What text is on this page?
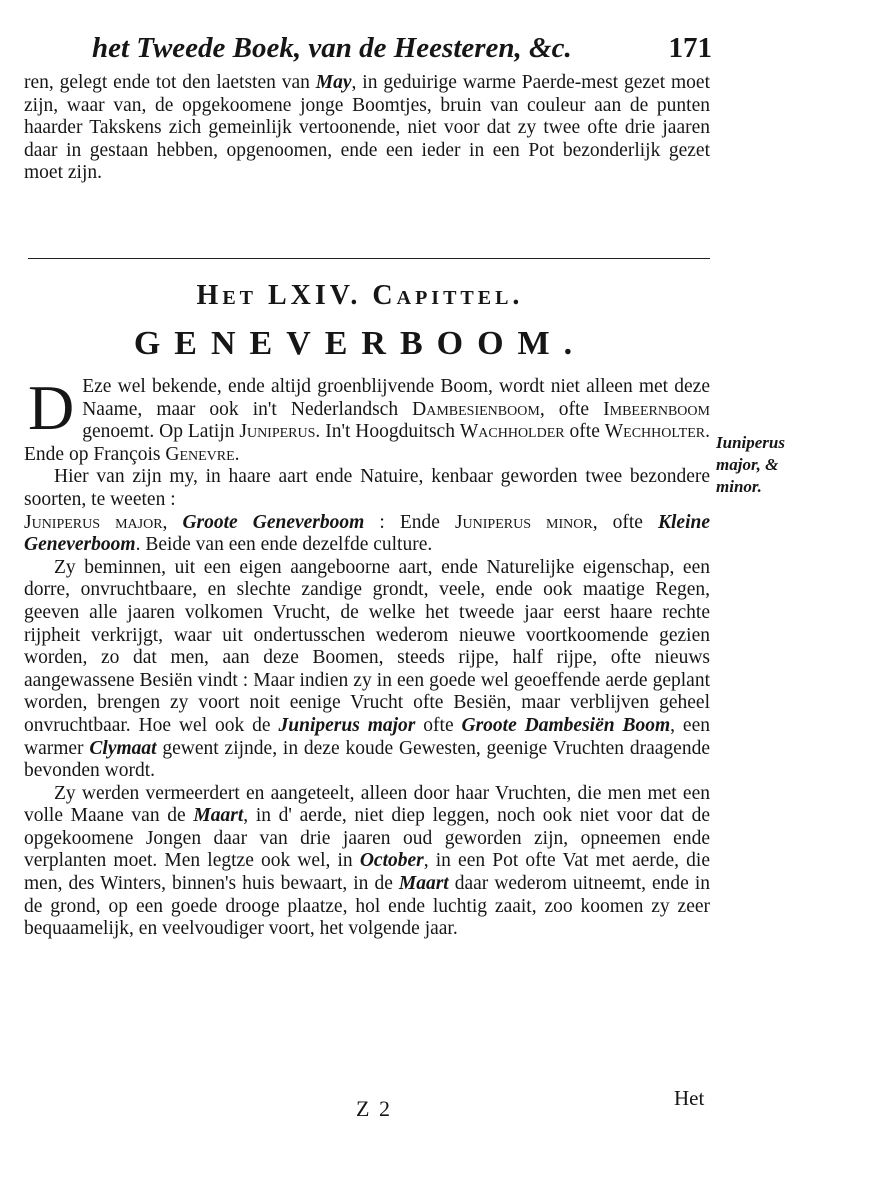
het Tweede Boek, van de Heesteren, &c.	171
ren, gelegt ende tot den laetsten van May, in geduirige warme Paerde-mest gezet moet zijn, waar van, de opgekoomene jonge Boomtjes, bruin van couleur aan de punten haarder Takskens zich gemeinlijk vertoonende, niet voor dat zy twee ofte drie jaaren daar in gestaan hebben, opgenoomen, ende een ieder in een Pot bezonderlijk gezet moet zijn.
Het LXIV. Capittel.
GENEVERBOOM.

D Eze wel bekende, ende altijd groenblijvende Boom, wordt niet alleen met deze Naame, maar ook in't Nederlandsch Dambesienboom, ofte Imbeernboom genoemt. Op Latijn Juniperus. In't Hoogduitsch Wachholder ofte Wechholter. Ende op François Genevre.

Hier van zijn my, in haare aart ende Natuire, kenbaar geworden twee bezondere soorten, te weeten :

Juniperus major, Groote Geneverboom : Ende Juniperus minor, ofte Kleine Geneverboom. Beide van een ende dezelfde culture.

Zy beminnen, uit een eigen aangeboorne aart, ende Naturelijke eigenschap, een dorre, onvruchtbaare, en slechte zandige grondt, veele, ende ook maatige Regen, geeven alle jaaren volkomen Vrucht, de welke het tweede jaar eerst haare rechte rijpheit verkrijgt, waar uit ondertusschen wederom nieuwe voortkoomende gezien worden, zo dat men, aan deze Boomen, steeds rijpe, half rijpe, ofte nieuws aangewassene Besiën vindt : Maar indien zy in een goede wel geoeffende aerde geplant worden, brengen zy voort noit eenige Vrucht ofte Besiën, maar verblijven geheel onvruchtbaar. Hoe wel ook de Juniperus major ofte Groote Dambesiën Boom, een warmer Clymaat gewent zijnde, in deze koude Gewesten, geenige Vruchten draagende bevonden wordt.

Zy werden vermeerdert en aangeteelt, alleen door haar Vruchten, die men met een volle Maane van de Maart, in d' aerde, niet diep leggen, noch ook niet voor dat de opgekoomene Jongen daar van drie jaaren oud geworden zijn, opneemen ende verplanten moet. Men legtze ook wel, in October, in een Pot ofte Vat met aerde, die men, des Winters, binnen's huis bewaart, in de Maart daar wederom uitneemt, ende in de grond, op een goede drooge plaatze, hol ende luchtig zaait, zoo koomen zy zeer bequaamelijk, en veelvoudiger voort, het volgende jaar.

Iuniperus
major, &
minor.
Z 2	Het
